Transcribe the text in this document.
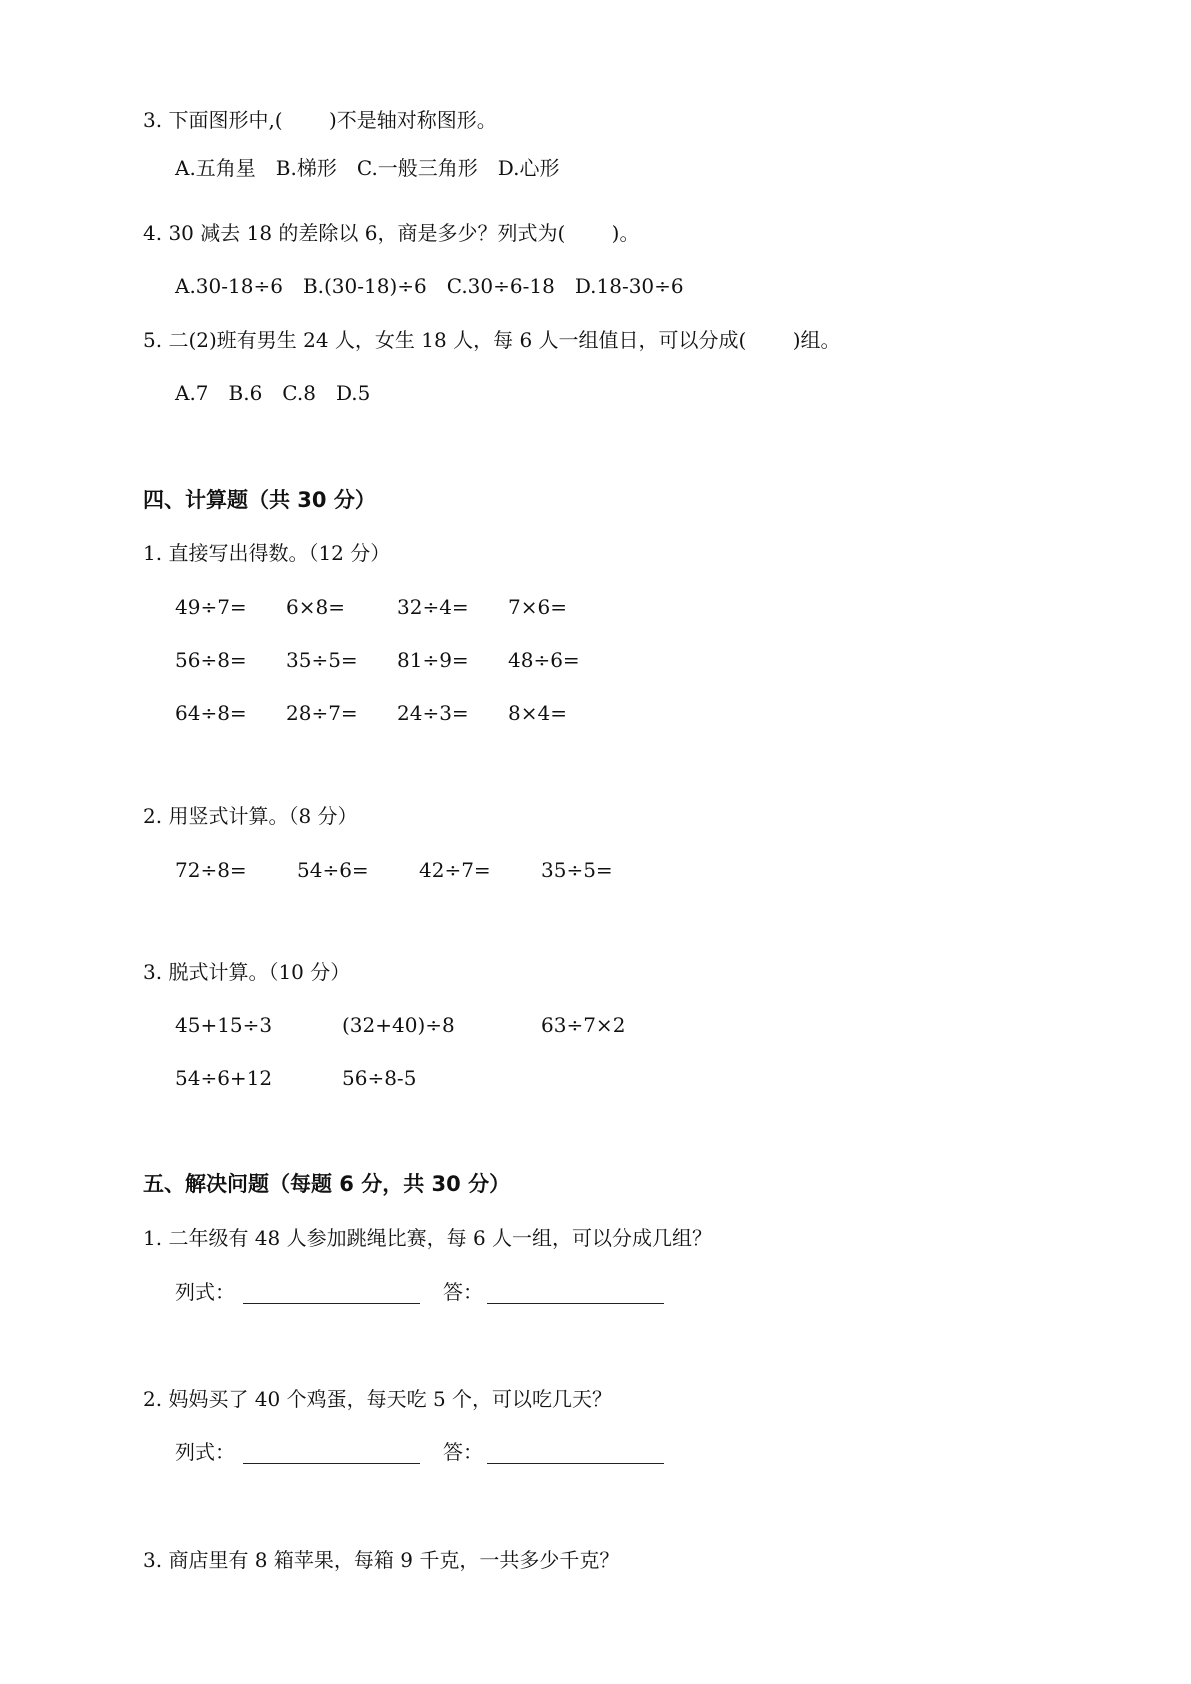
3. 下面图形中,(　　 )不是轴对称图形。
A.五角星　B.梯形　C.一般三角形　D.心形
4. 30 减去 18 的差除以 6，商是多少？列式为(　　 )。
A.30-18÷6　B.(30-18)÷6　C.30÷6-18　D.18-30÷6
5. 二(2)班有男生 24 人，女生 18 人，每 6 人一组值日，可以分成(　　 )组。
A.7　B.6　C.8　D.5
四、计算题（共 30 分）
1. 直接写出得数。（12 分）
49÷7= 6×8=	32÷4= 7×6=
56÷8= 35÷5= 81÷9= 48÷6=
64÷8= 28÷7= 24÷3= 8×4=
2. 用竖式计算。（8 分）
72÷8=	54÷6=	42÷7=	35÷5=
3. 脱式计算。（10 分）
45+15÷3	(32+40)÷8	63÷7×2
54÷6+12	56÷8-5
五、解决问题（每题 6 分，共 30 分）
1. 二年级有 48 人参加跳绳比赛，每 6 人一组，可以分成几组？
列式：	答：
2. 妈妈买了 40 个鸡蛋，每天吃 5 个，可以吃几天？
列式：	答：
3. 商店里有 8 箱苹果，每箱 9 千克，一共多少千克？
